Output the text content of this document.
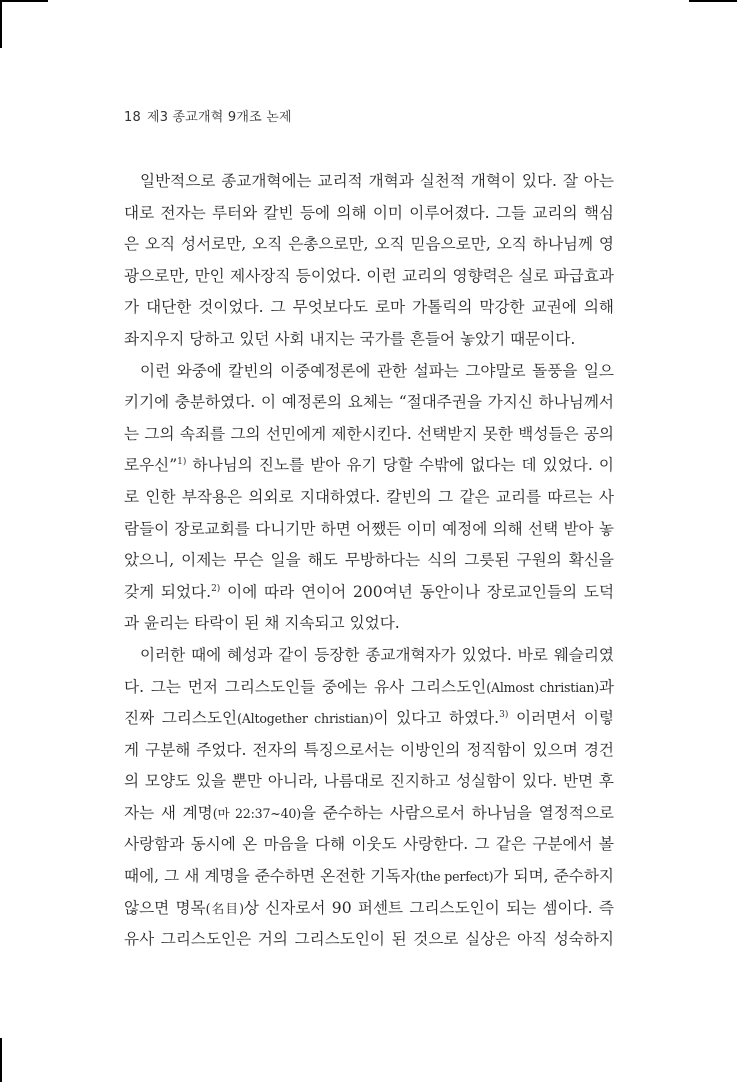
18 제3 종교개혁 9개조 논제
일반적으로 종교개혁에는 교리적 개혁과 실천적 개혁이 있다. 잘 아는
대로 전자는 루터와 칼빈 등에 의해 이미 이루어졌다. 그들 교리의 핵심
은 오직 성서로만, 오직 은총으로만, 오직 믿음으로만, 오직 하나님께 영
광으로만, 만인 제사장직 등이었다. 이런 교리의 영향력은 실로 파급효과
가 대단한 것이었다. 그 무엇보다도 로마 가톨릭의 막강한 교권에 의해
좌지우지 당하고 있던 사회 내지는 국가를 흔들어 놓았기 때문이다.
이런 와중에 칼빈의 이중예정론에 관한 설파는 그야말로 돌풍을 일으
키기에 충분하였다. 이 예정론의 요체는 “절대주권을 가지신 하나님께서
는 그의 속죄를 그의 선민에게 제한시킨다. 선택받지 못한 백성들은 공의
로우신”$^{1)}$ 하나님의 진노를 받아 유기 당할 수밖에 없다는 데 있었다. 이
로 인한 부작용은 의외로 지대하였다. 칼빈의 그 같은 교리를 따르는 사
람들이 장로교회를 다니기만 하면 어쨌든 이미 예정에 의해 선택 받아 놓
았으니, 이제는 무슨 일을 해도 무방하다는 식의 그릇된 구원의 확신을
갖게 되었다.$^{2)}$ 이에 따라 연이어 200여년 동안이나 장로교인들의 도덕
과 윤리는 타락이 된 채 지속되고 있었다.
이러한 때에 혜성과 같이 등장한 종교개혁자가 있었다. 바로 웨슬리였
다. 그는 먼저 그리스도인들 중에는 유사 그리스도인(Almost christian)과
진짜 그리스도인(Altogether christian)이 있다고 하였다.$^{3)}$ 이러면서 이렇
게 구분해 주었다. 전자의 특징으로서는 이방인의 정직함이 있으며 경건
의 모양도 있을 뿐만 아니라, 나름대로 진지하고 성실함이 있다. 반면 후
자는 새 계명(마 22:37~40)을 준수하는 사람으로서 하나님을 열정적으로
사랑함과 동시에 온 마음을 다해 이웃도 사랑한다. 그 같은 구분에서 볼
때에, 그 새 계명을 준수하면 온전한 기독자(the perfect)가 되며, 준수하지
않으면 명목(名目)상 신자로서 90 퍼센트 그리스도인이 되는 셈이다. 즉
유사 그리스도인은 거의 그리스도인이 된 것으로 실상은 아직 성숙하지
